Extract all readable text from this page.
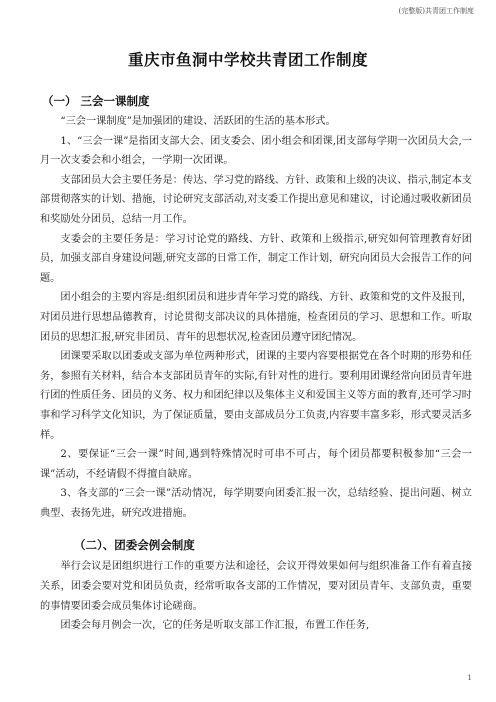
(完整版)共青团工作制度
重庆市鱼洞中学校共青团工作制度
（一） 三会一课制度

“三会一课制度”是加强团的建设、活跃团的生活的基本形式。

1、“三会一课”是指团支部大会、团支委会、团小组会和团课,团支部每学期一次团员大会,一月一次支委会和小组会，一学期一次团课。

支部团员大会主要任务是：传达、学习党的路线、方针、政策和上级的决议、指示,制定本支部贯彻落实的计划、措施，讨论研究支部活动,对支委工作提出意见和建议，讨论通过吸收新团员和奖励处分团员，总结一月工作。

支委会的主要任务是：学习讨论党的路线、方针、政策和上级指示,研究如何管理教育好团员，加强支部自身建设问题,研究支部的日常工作，制定工作计划，研究向团员大会报告工作的问题。

团小组会的主要内容是:组织团员和进步青年学习党的路线、方针、政策和党的文件及报刊，对团员进行思想品德教育，讨论贯彻支部决议的具体措施，检查团员的学习、思想和工作。听取团员的思想汇报,研究非团员、青年的思想状况,检查团员遵守团纪情况。

团课要采取以团委或支部为单位两种形式，团课的主要内容要根据党在各个时期的形势和任务，参照有关材料，结合本支部团员青年的实际,有针对性的进行。要利用团课经常向团员青年进行团的性质任务、团员的义务、权力和团纪律以及集体主义和爱国主义等方面的教育,还可学习时事和学习科学文化知识，为了保证质量，要由支部成员分工负责,内容要丰富多彩，形式要灵活多样。

2、要保证“三会一课”时间,遇到特殊情况时可串不可占，每个团员都要积极参加“三会一课”活动，不经请假不得擅自缺席。

3、各支部的“三会一课”活动情况，每学期要向团委汇报一次，总结经验、提出问题、树立典型、表扬先进，研究改进措施。

（二）、团委会例会制度

举行会议是团组织进行工作的重要方法和途径，会议开得效果如何与组织准备工作有着直接关系，团委会要对党和团员负责，经常听取各支部的工作情况，要对团员青年、支部负责，重要的事情要团委会成员集体讨论磋商。

团委会每月例会一次，它的任务是听取支部工作汇报，布置工作任务,

1
